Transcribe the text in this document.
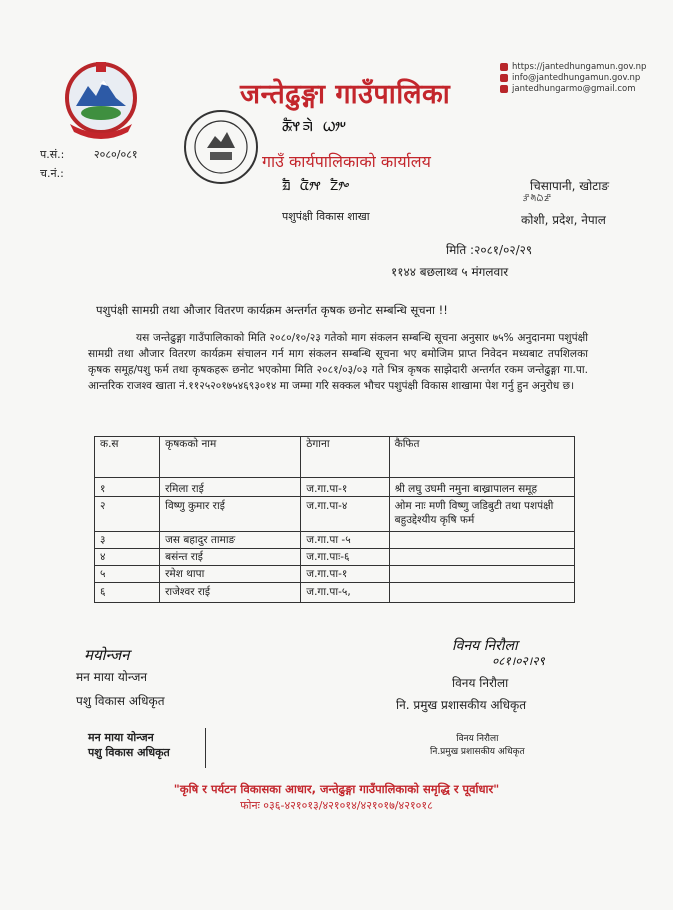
जन्तेढुङ्गा गाउँपालिका
https://jantedhungamun.gov.np
info@jantedhungamun.gov.np
jantedhungarmo@gmail.com
ᤊᤠᤶᤈᤧ ᤐᤣᤸ
गाउँ कार्यपालिकाको कार्यालय
ᤀᤠ ᤂᤥᤶ ᤁᤥᤴ
पशुपंक्षी विकास शाखा
प.सं.:	२०८०/०८१
च.नं.:
चिसापानी, खोटाङ
ᤋᤡᤛᤠᤐᤠᤏᤡ
कोशी, प्रदेश, नेपाल
मिति :२०८१/०२/२९
११४४ बछलाथ्व ५ मंगलवार
पशुपंक्षी सामग्री तथा औजार वितरण कार्यक्रम अन्तर्गत कृषक छनोट सम्बन्धि सूचना !!
यस जन्तेढुङ्गा गाउँपालिकाको मिति २०८०/१०/२३ गतेको माग संकलन सम्बन्धि सूचना अनुसार ७५% अनुदानमा पशुपंक्षी सामग्री तथा औजार वितरण कार्यक्रम संचालन गर्न माग संकलन सम्बन्धि सूचना भए बमोजिम प्राप्त निवेदन मध्यबाट तपशिलका कृषक समूह/पशु फर्म तथा कृषकहरू छनोट भएकोमा मिति २०८१/०३/०३ गते भित्र कृषक साझेदारी अन्तर्गत रकम जन्तेढुङ्गा गा.पा. आन्तरिक राजश्व खाता नं.११२५२०१७५४६९३०१४ मा जम्मा गरि सक्कल भौचर पशुपंक्षी विकास शाखामा पेश गर्नु हुन अनुरोध छ।
क.स	कृषकको नाम	ठेगाना	कैफित
१	रमिला राई	ज.गा.पा-१	श्री लघु उघमी नमुना बाख्रापालन समूह
२	विष्णु कुमार राई	ज.गा.पा-४	ओम नाः मणी विष्णु जडिबुटी तथा पशपंक्षी बहुउद्देश्यीय कृषि फर्म
३	जस बहादुर तामाङ	ज.गा.पा -५	
४	बसंन्त राई	ज.गा.पाः-६	
५	रमेश थापा	ज.गा.पा-१	
६	राजेश्वर राई	ज.गा.पा-५,	
मयोन्जन
मन माया योन्जन
पशु विकास अधिकृत
मन माया योन्जन
पशु विकास अधिकृत
विनय निरौला
०८१।०२।२९
विनय निरौला
नि. प्रमुख प्रशासकीय अधिकृत
विनय निरौला
नि.प्रमुख प्रशासकीय अधिकृत
"कृषि र पर्यटन विकासका आधार, जन्तेढुङ्गा गाउँपालिकाको समृद्धि र पूर्वाधार"
फोनः ०३६-४२१०१३/४२१०१४/४२१०१७/४२१०१८
